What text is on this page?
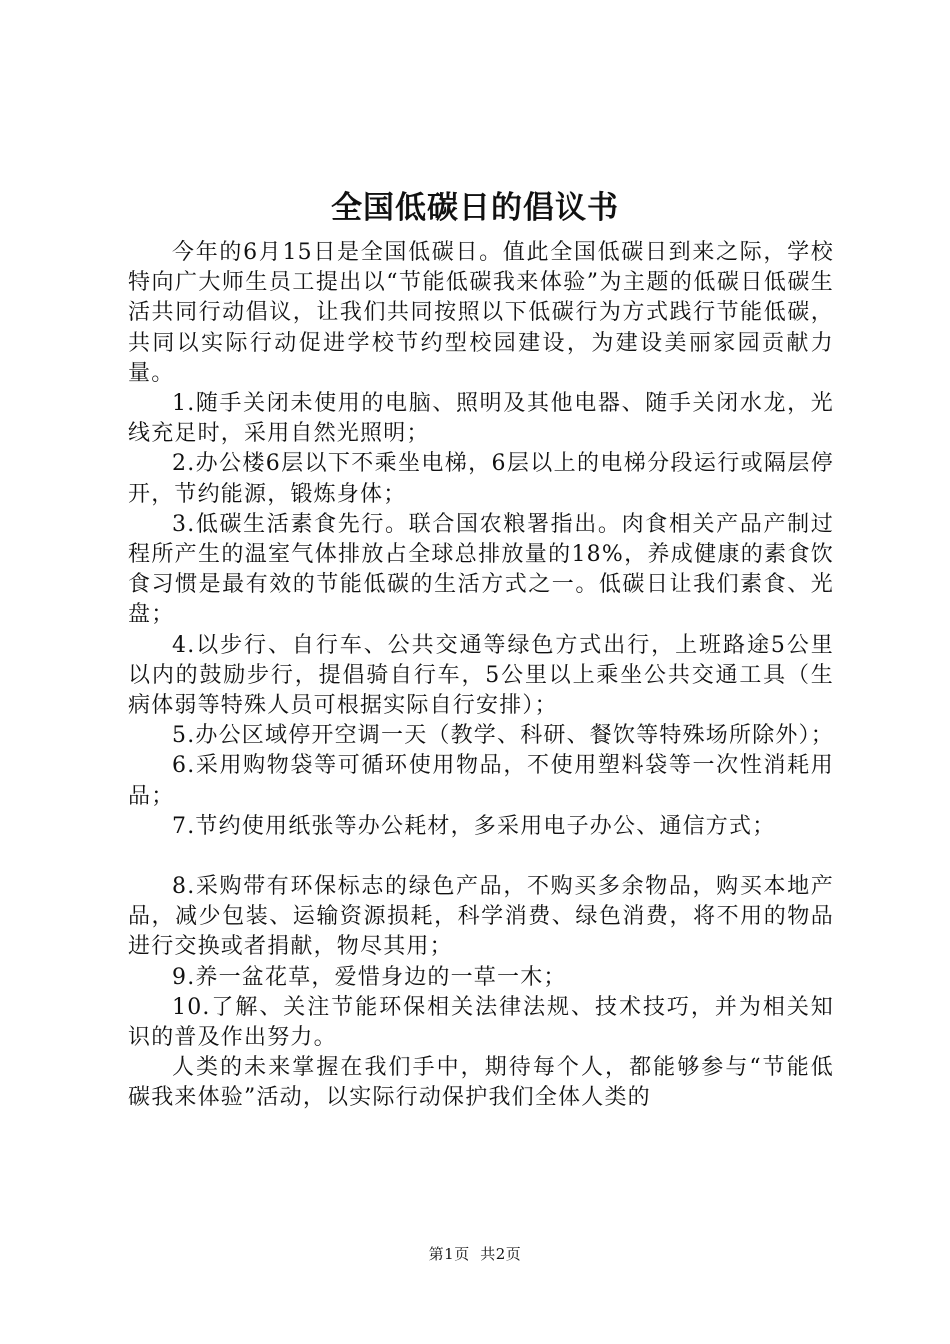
全国低碳日的倡议书

今年的6月15日是全国低碳日。值此全国低碳日到来之际，学校特向广大师生员工提出以“节能低碳我来体验”为主题的低碳日低碳生活共同行动倡议，让我们共同按照以下低碳行为方式践行节能低碳，共同以实际行动促进学校节约型校园建设，为建设美丽家园贡献力量。

1.随手关闭未使用的电脑、照明及其他电器、随手关闭水龙，光线充足时，采用自然光照明；

2.办公楼6层以下不乘坐电梯，6层以上的电梯分段运行或隔层停开，节约能源，锻炼身体；

3.低碳生活素食先行。联合国农粮署指出。肉食相关产品产制过程所产生的温室气体排放占全球总排放量的18%，养成健康的素食饮食习惯是最有效的节能低碳的生活方式之一。低碳日让我们素食、光盘；

4.以步行、自行车、公共交通等绿色方式出行，上班路途5公里以内的鼓励步行，提倡骑自行车，5公里以上乘坐公共交通工具（生病体弱等特殊人员可根据实际自行安排）；

5.办公区域停开空调一天（教学、科研、餐饮等特殊场所除外）；

6.采用购物袋等可循环使用物品，不使用塑料袋等一次性消耗用品；

7.节约使用纸张等办公耗材，多采用电子办公、通信方式；

8.采购带有环保标志的绿色产品，不购买多余物品，购买本地产品，减少包装、运输资源损耗，科学消费、绿色消费，将不用的物品进行交换或者捐献，物尽其用；

9.养一盆花草，爱惜身边的一草一木；

10.了解、关注节能环保相关法律法规、技术技巧，并为相关知识的普及作出努力。

人类的未来掌握在我们手中，期待每个人，都能够参与“节能低碳我来体验”活动，以实际行动保护我们全体人类的

第1页 共2页
